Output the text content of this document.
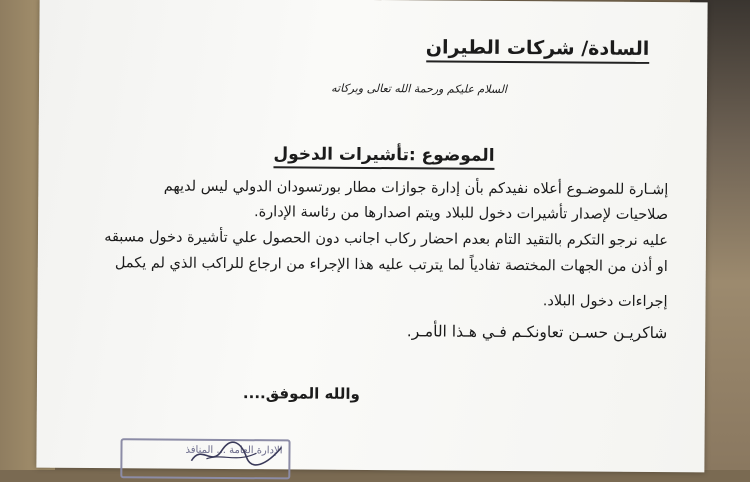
السادة/ شركات الطيران
السلام عليكم ورحمة الله تعالى وبركاته
الموضوع :تأشيرات الدخول
إشـارة للموضـوع أعلاه نفيدكم بأن إدارة جوازات مطار بورتسودان الدولي ليس لديهم
صلاحيات لإصدار تأشيرات دخول للبلاد ويتم اصدارها من رئاسة الإدارة.
عليه نرجو التكرم بالتقيد التام بعدم احضار ركاب اجانب دون الحصول علي تأشيرة دخول مسبقه
او أذن من الجهات المختصة تفادياً لما يترتب عليه هذا الإجراء من ارجاع للراكب الذي لم يكمل
إجراءات دخول البلاد.
شاكريـن حسـن تعاونكـم فـي هـذا الأمـر.
والله الموفق....
الإدارة العامة ... المنافذ
